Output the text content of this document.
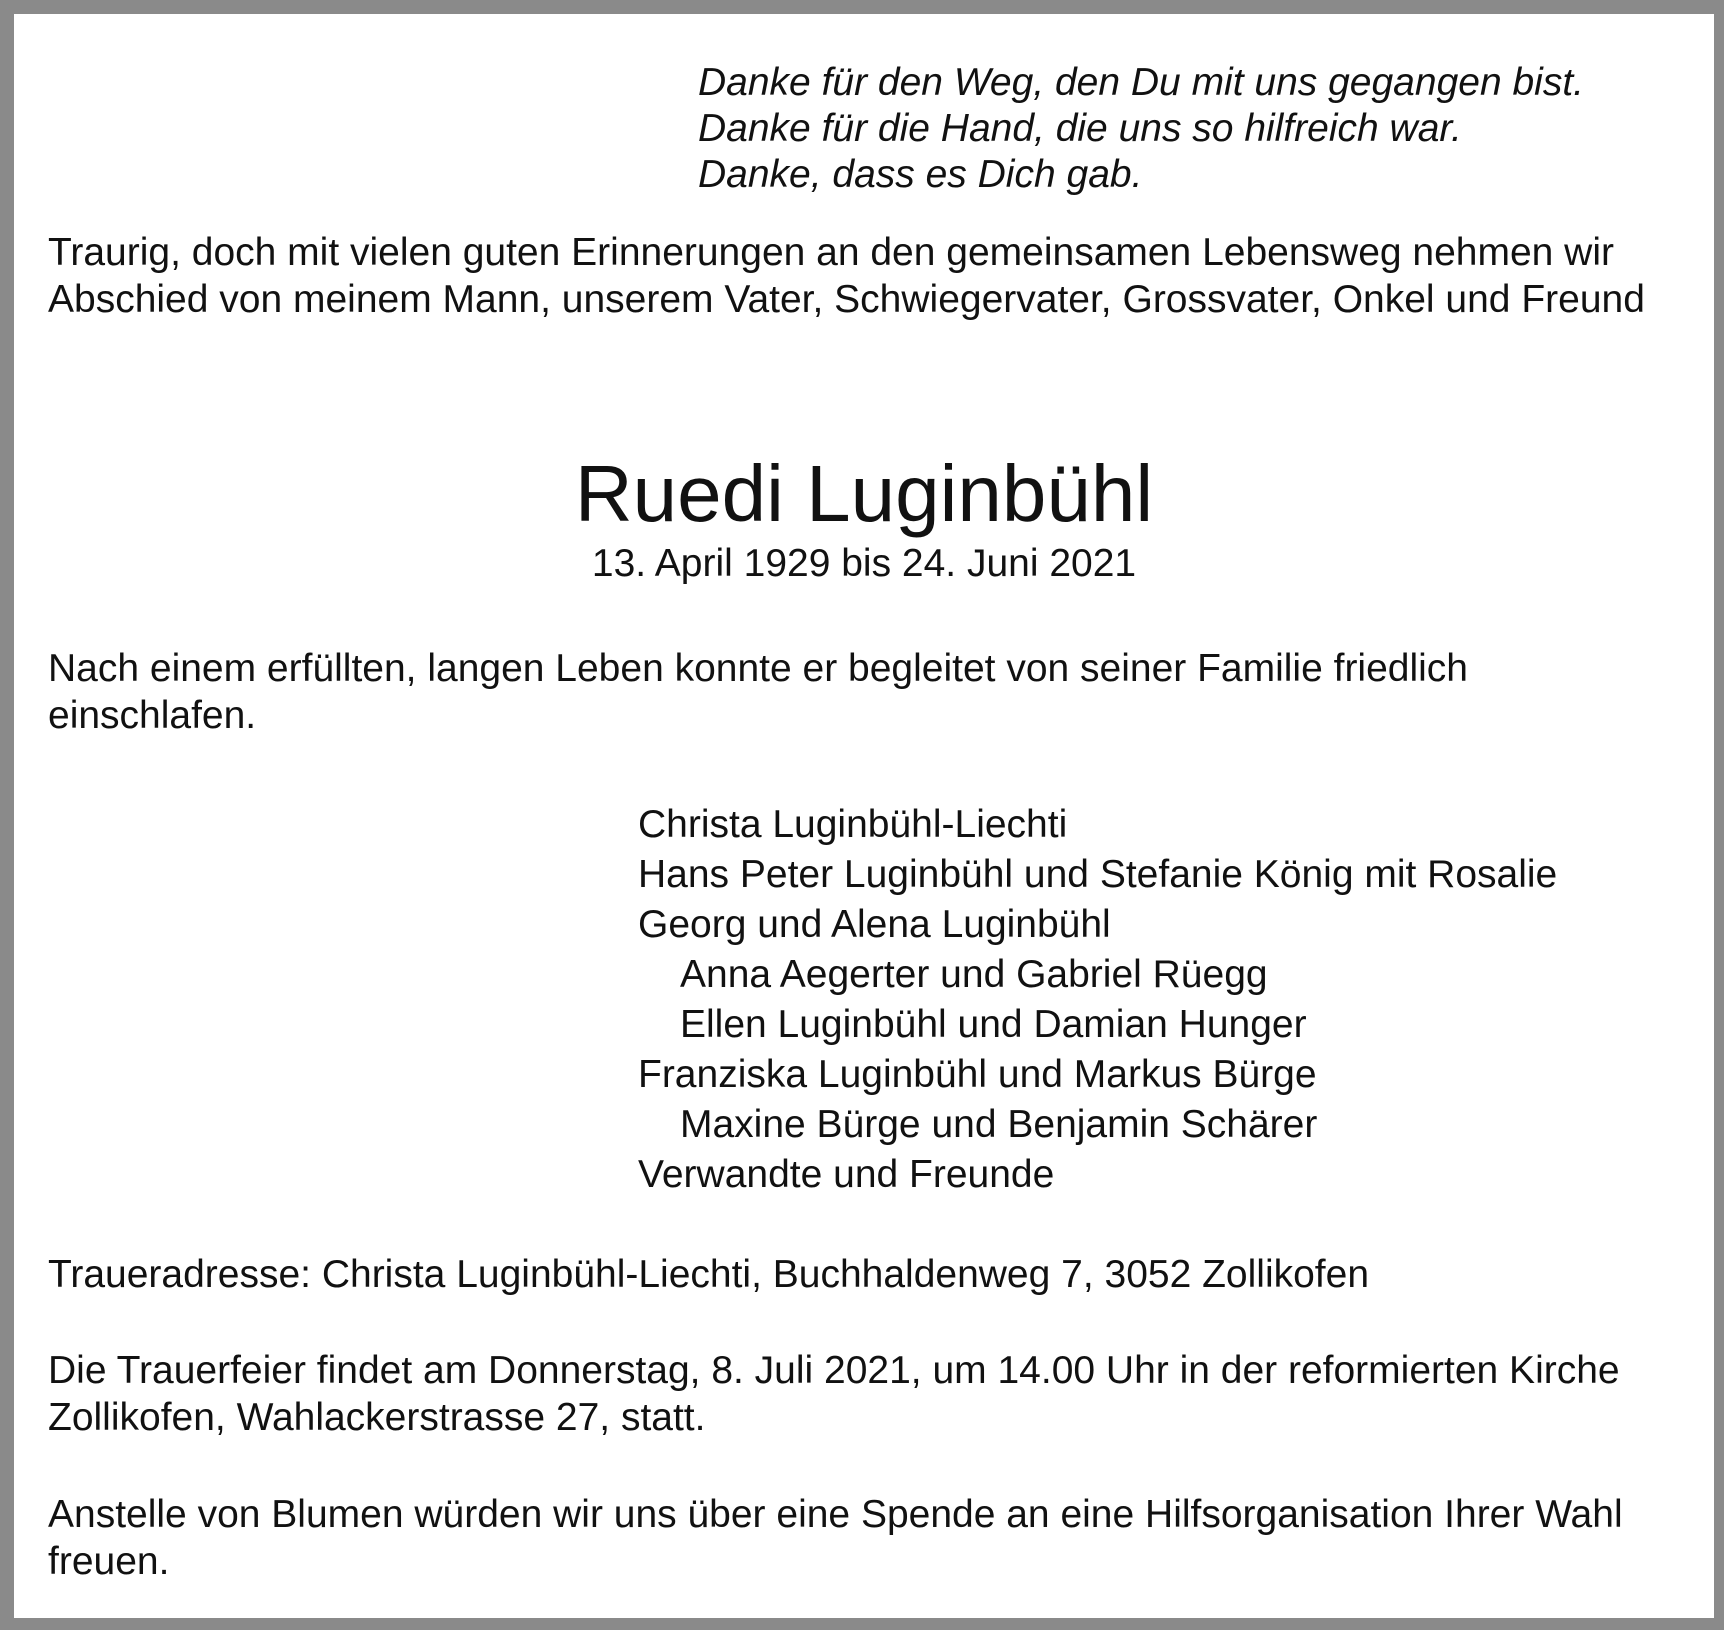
Danke für den Weg, den Du mit uns gegangen bist.
Danke für die Hand, die uns so hilfreich war.
Danke, dass es Dich gab.
Traurig, doch mit vielen guten Erinnerungen an den gemeinsamen Lebensweg nehmen wir Abschied von meinem Mann, unserem Vater, Schwiegervater, Grossvater, Onkel und Freund
Ruedi Luginbühl
13. April 1929 bis 24. Juni 2021
Nach einem erfüllten, langen Leben konnte er begleitet von seiner Familie friedlich einschlafen.
Christa Luginbühl-Liechti
Hans Peter Luginbühl und Stefanie König mit Rosalie
Georg und Alena Luginbühl
Anna Aegerter und Gabriel Rüegg
Ellen Luginbühl und Damian Hunger
Franziska Luginbühl und Markus Bürge
Maxine Bürge und Benjamin Schärer
Verwandte und Freunde
Traueradresse: Christa Luginbühl-Liechti, Buchhaldenweg 7, 3052 Zollikofen
Die Trauerfeier findet am Donnerstag, 8. Juli 2021, um 14.00 Uhr in der reformierten Kirche Zollikofen, Wahlackerstrasse 27, statt.
Anstelle von Blumen würden wir uns über eine Spende an eine Hilfsorganisation Ihrer Wahl freuen.
